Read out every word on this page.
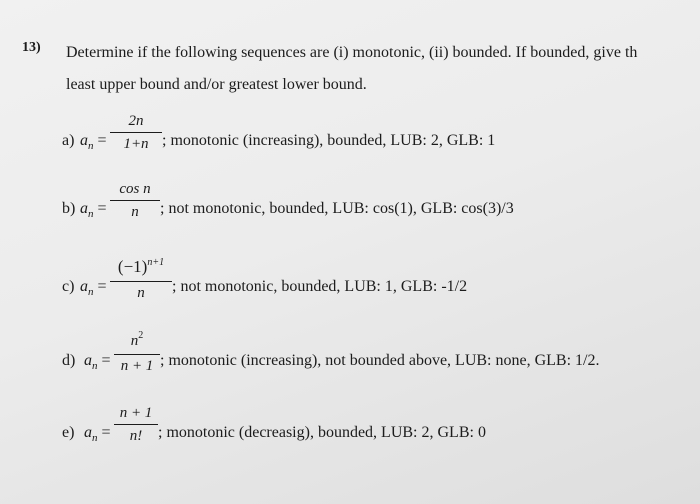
13) Determine if the following sequences are (i) monotonic, (ii) bounded. If bounded, give th
least upper bound and/or greatest lower bound.
a) $a_n$ =
2n
1+n ; monotonic (increasing), bounded, LUB: 2, GLB: 1
b) $a_n$ =
cos n
n	; not monotonic, bounded, LUB: cos(1), GLB: cos(3)/3
c) $a_n$ =
$(-1)^{n+1}$
n	; not monotonic, bounded, LUB: 1, GLB: -1/2
d) $a_n$ =
$n^2$
n + 1 ; monotonic (increasing), not bounded above, LUB: none, GLB: 1/2.
e) $a_n$ =
n + 1
n! ; monotonic (decreasig), bounded, LUB: 2, GLB: 0
